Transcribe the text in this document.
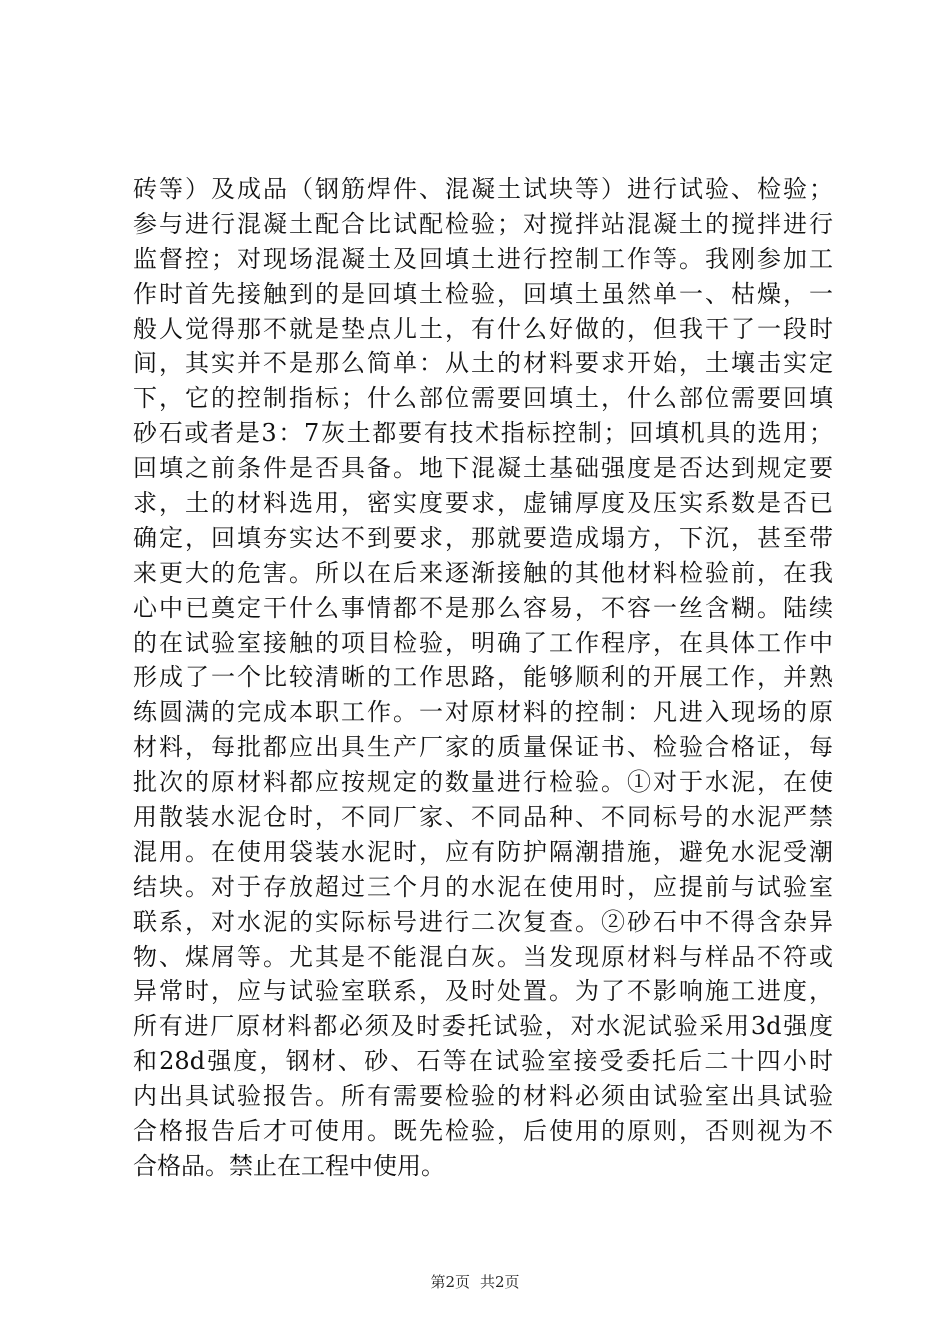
砖等）及成品（钢筋焊件、混凝土试块等）进行试验、检验；
参与进行混凝土配合比试配检验；对搅拌站混凝土的搅拌进行
监督控；对现场混凝土及回填土进行控制工作等。我刚参加工
作时首先接触到的是回填土检验，回填土虽然单一、枯燥，一
般人觉得那不就是垫点儿土，有什么好做的，但我干了一段时
间，其实并不是那么简单：从土的材料要求开始，土壤击实定
下，它的控制指标；什么部位需要回填土，什么部位需要回填
砂石或者是3：7灰土都要有技术指标控制；回填机具的选用；
回填之前条件是否具备。地下混凝土基础强度是否达到规定要
求，土的材料选用，密实度要求，虚铺厚度及压实系数是否已
确定，回填夯实达不到要求，那就要造成塌方，下沉，甚至带
来更大的危害。所以在后来逐渐接触的其他材料检验前，在我
心中已奠定干什么事情都不是那么容易，不容一丝含糊。陆续
的在试验室接触的项目检验，明确了工作程序，在具体工作中
形成了一个比较清晰的工作思路，能够顺利的开展工作，并熟
练圆满的完成本职工作。一对原材料的控制：凡进入现场的原
材料，每批都应出具生产厂家的质量保证书、检验合格证，每
批次的原材料都应按规定的数量进行检验。①对于水泥，在使
用散装水泥仓时，不同厂家、不同品种、不同标号的水泥严禁
混用。在使用袋装水泥时，应有防护隔潮措施，避免水泥受潮
结块。对于存放超过三个月的水泥在使用时，应提前与试验室
联系，对水泥的实际标号进行二次复查。②砂石中不得含杂异
物、煤屑等。尤其是不能混白灰。当发现原材料与样品不符或
异常时，应与试验室联系，及时处置。为了不影响施工进度，
所有进厂原材料都必须及时委托试验，对水泥试验采用3d强度
和28d强度，钢材、砂、石等在试验室接受委托后二十四小时
内出具试验报告。所有需要检验的材料必须由试验室出具试验
合格报告后才可使用。既先检验，后使用的原则，否则视为不
合格品。禁止在工程中使用。
第2页 共2页
